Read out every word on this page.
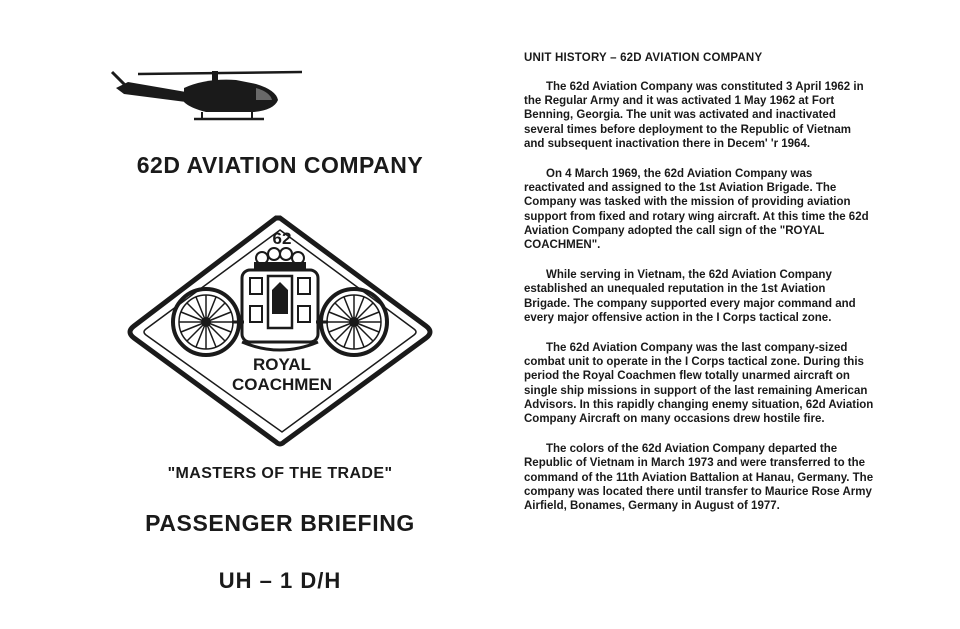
62D AVIATION COMPANY
62
ROYAL
COACHMEN
"MASTERS OF THE TRADE"
PASSENGER BRIEFING
UH – 1 D/H
UNIT HISTORY – 62D AVIATION COMPANY

The 62d Aviation Company was constituted 3 April 1962 in the Regular Army and it was activated 1 May 1962 at Fort Benning, Georgia. The unit was activated and inactivated several times before deployment to the Republic of Vietnam and subsequent inactivation there in Decem' 'r 1964.

On 4 March 1969, the 62d Aviation Company was reactivated and assigned to the 1st Aviation Brigade. The Company was tasked with the mission of providing aviation support from fixed and rotary wing aircraft. At this time the 62d Aviation Company adopted the call sign of the "ROYAL COACHMEN".

While serving in Vietnam, the 62d Aviation Company established an unequaled reputation in the 1st Aviation Brigade. The company supported every major command and every major offensive action in the I Corps tactical zone.

The 62d Aviation Company was the last company-sized combat unit to operate in the I Corps tactical zone. During this period the Royal Coachmen flew totally unarmed aircraft on single ship missions in support of the last remaining American Advisors. In this rapidly changing enemy situation, 62d Aviation Company Aircraft on many occasions drew hostile fire.

The colors of the 62d Aviation Company departed the Republic of Vietnam in March 1973 and were transferred to the command of the 11th Aviation Battalion at Hanau, Germany. The company was located there until transfer to Maurice Rose Army Airfield, Bonames, Germany in August of 1977.
